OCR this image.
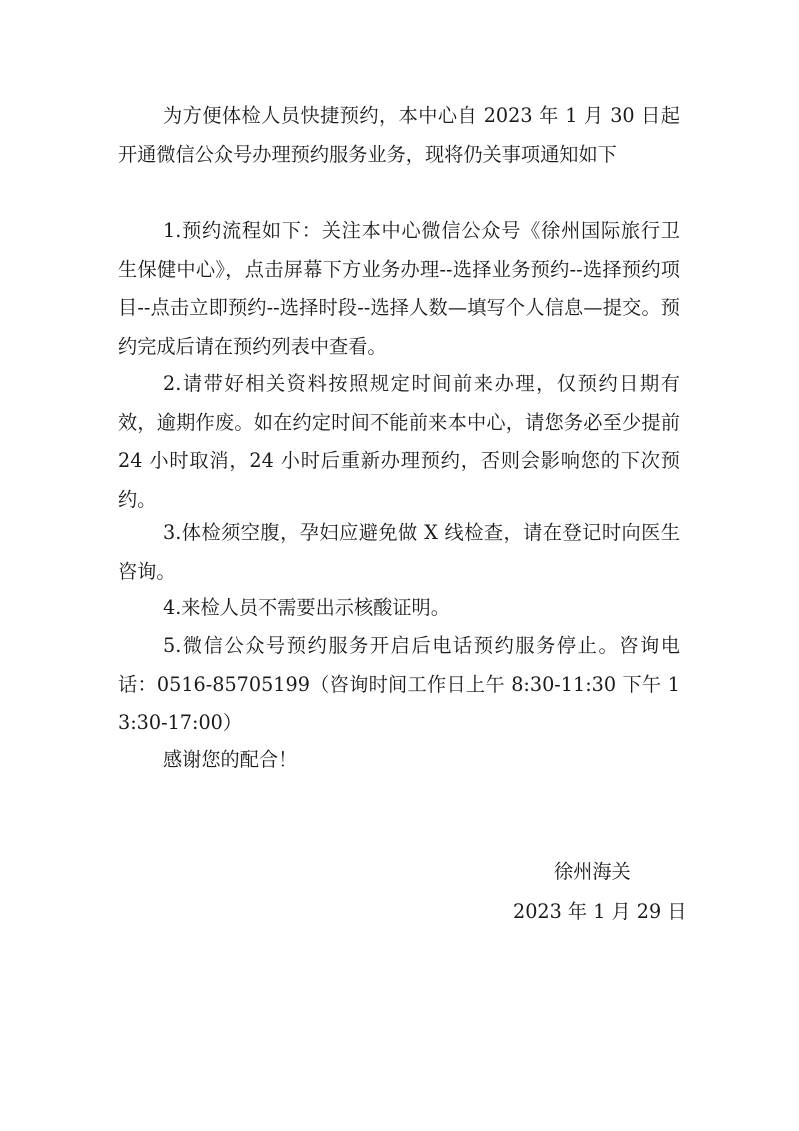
为方便体检人员快捷预约，本中心自 2023 年 1 月 30 日起开通微信公众号办理预约服务业务，现将仍关事项通知如下

1.预约流程如下：关注本中心微信公众号《徐州国际旅行卫生保健中心》，点击屏幕下方业务办理--选择业务预约--选择预约项目--点击立即预约--选择时段--选择人数—填写个人信息—提交。预约完成后请在预约列表中查看。

2.请带好相关资料按照规定时间前来办理，仅预约日期有效，逾期作废。如在约定时间不能前来本中心，请您务必至少提前 24 小时取消，24 小时后重新办理预约，否则会影响您的下次预约。

3.体检须空腹，孕妇应避免做 X 线检查，请在登记时向医生咨询。

4.来检人员不需要出示核酸证明。

5.微信公众号预约服务开启后电话预约服务停止。咨询电话：0516-85705199（咨询时间工作日上午 8:30-11:30 下午 13:30-17:00）

感谢您的配合！

徐州海关

2023 年 1 月 29 日
